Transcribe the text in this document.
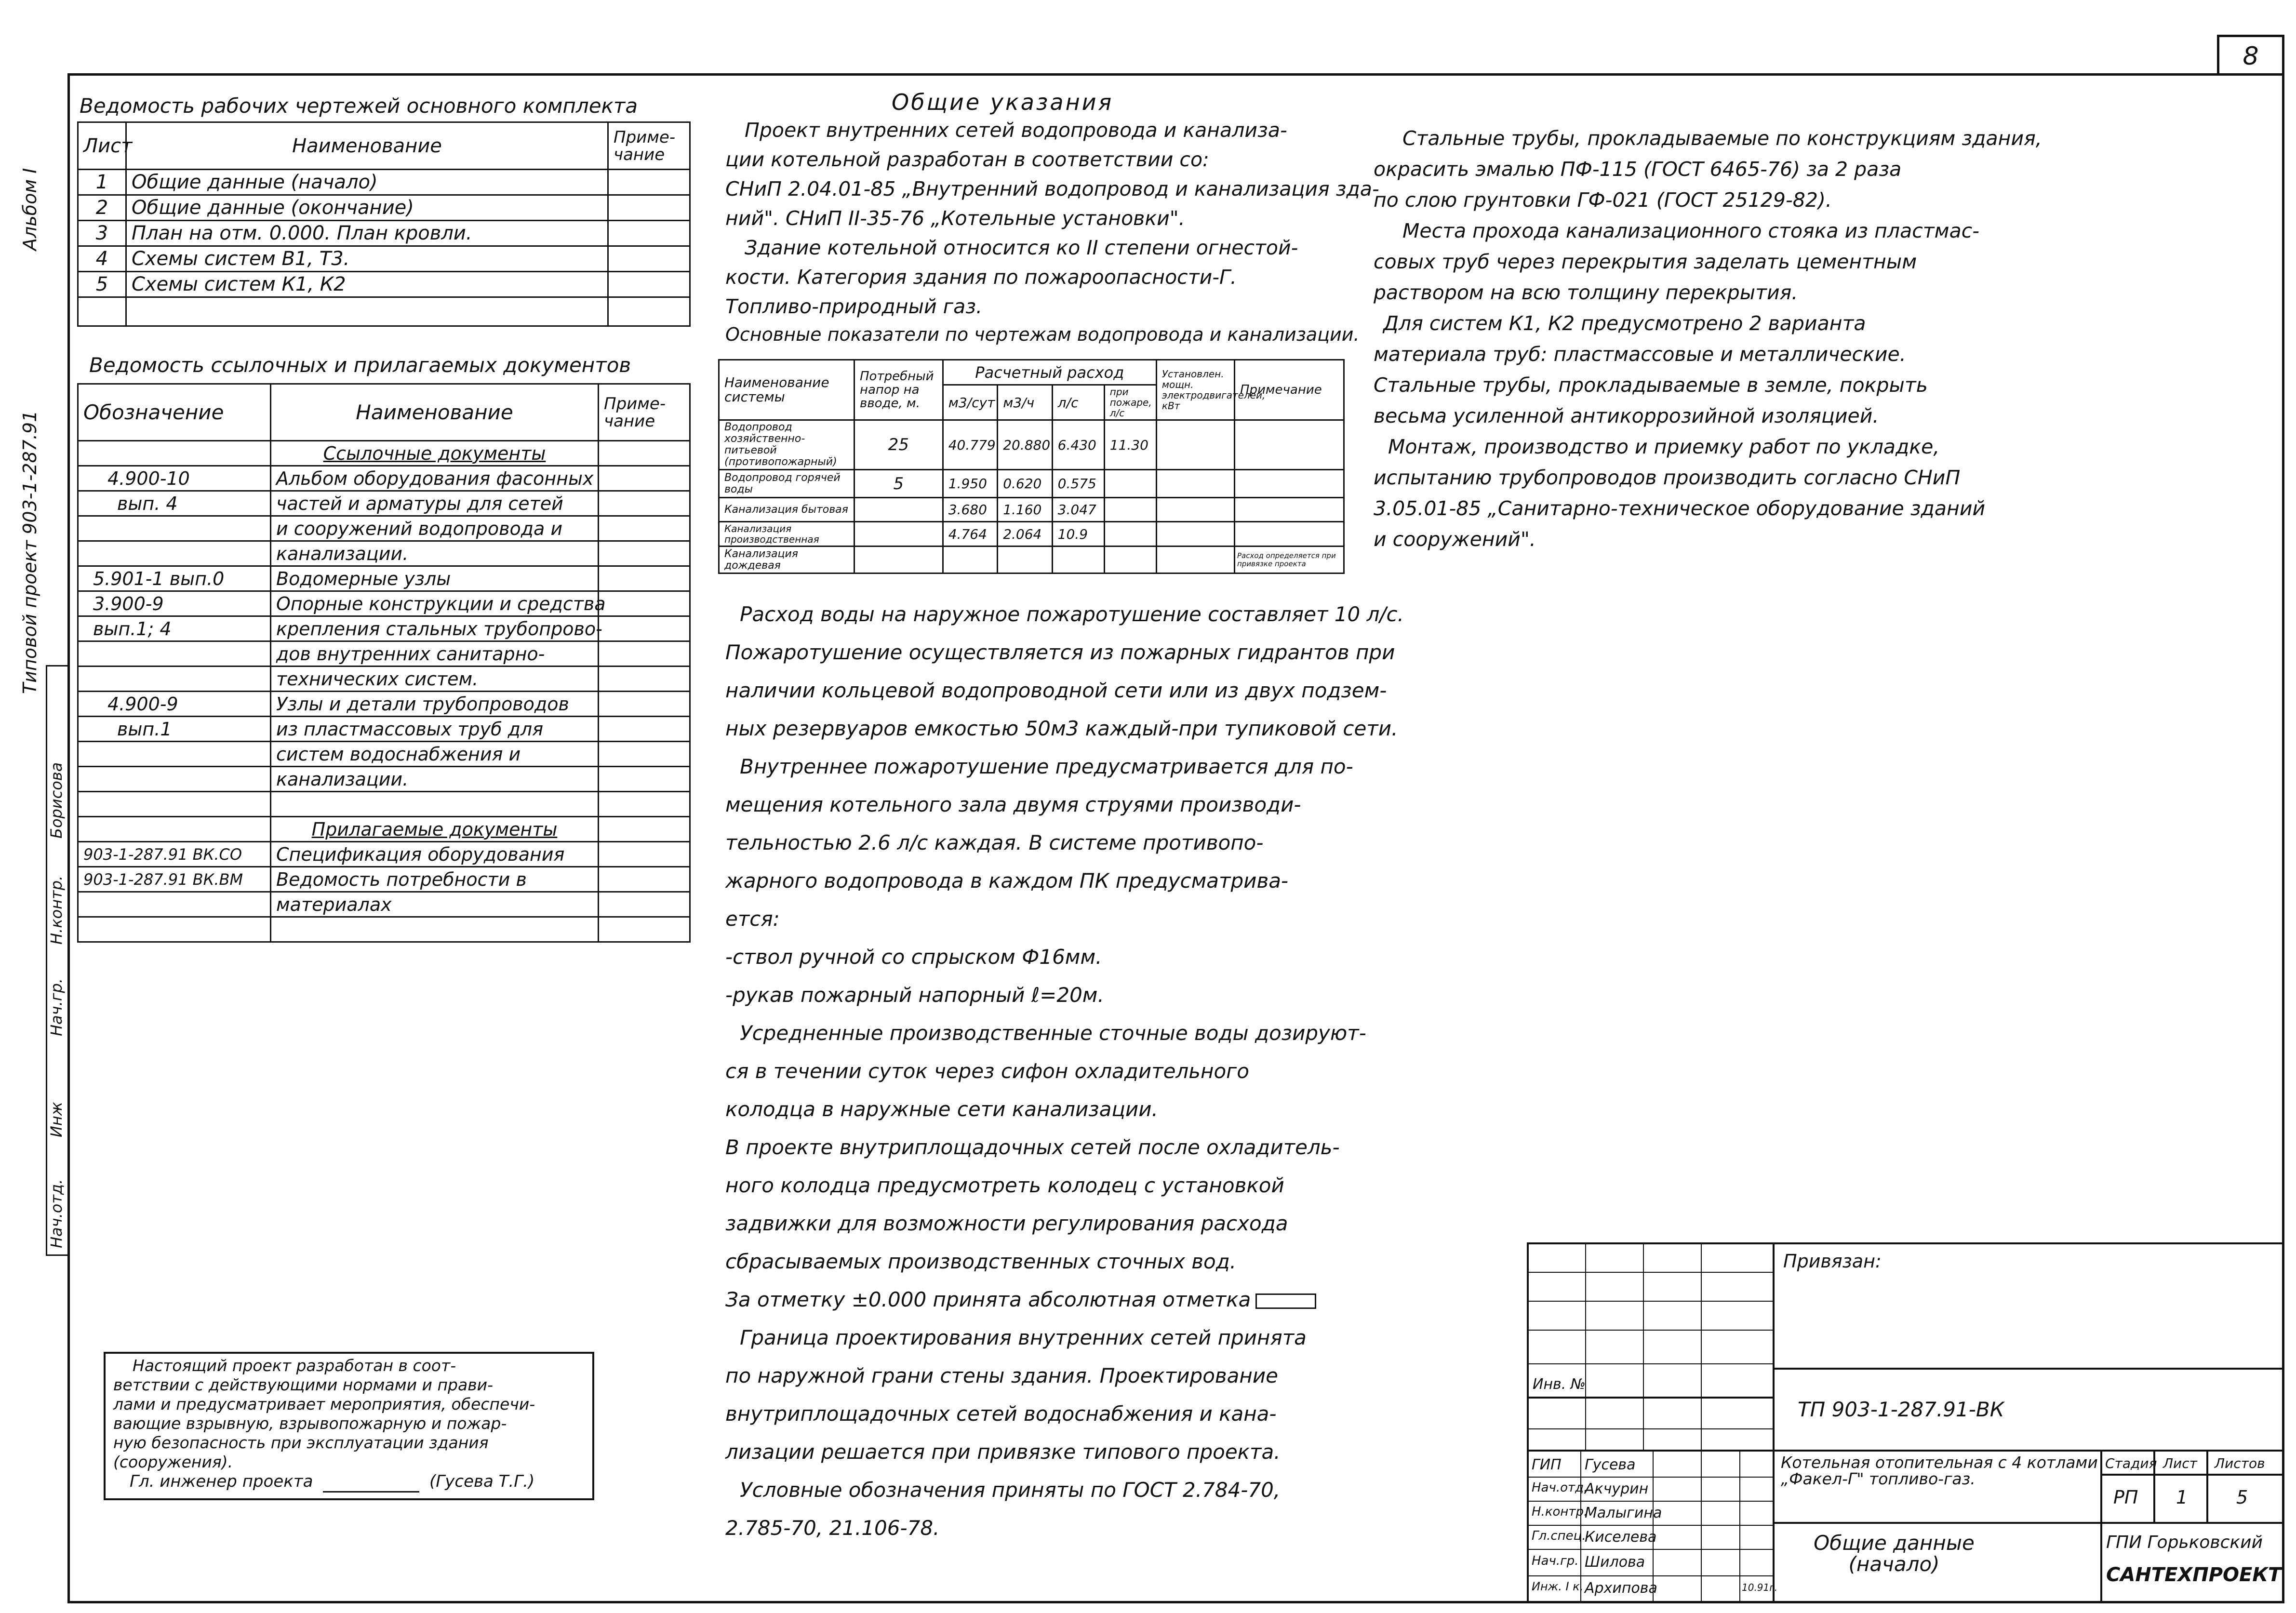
8
Альбом I
Типовой проект 903-1-287.91
Нач.отд.
Инж
Нач.гр.
Н.контр.
Борисова
Ведомость рабочих чертежей основного комплекта
Лист	Наименование	Приме- чание
1	Общие данные (начало)	
2	Общие данные (окончание)	
3	План на отм. 0.000. План кровли.	
4	Схемы систем В1, Т3.	
5	Схемы систем К1, К2	

Ведомость ссылочных и прилагаемых документов
Обозначение	Наименование	Приме- чание
	Ссылочные документы	
4.900-10	Альбом оборудования фасонных	
вып. 4	частей и арматуры для сетей	
	и сооружений водопровода и	
	канализации.	
5.901-1 вып.0	Водомерные узлы	
3.900-9	Опорные конструкции и средства	
вып.1; 4	крепления стальных трубопрово-	
	дов внутренних санитарно-	
	технических систем.	
4.900-9	Узлы и детали трубопроводов	
вып.1	из пластмассовых труб для	
	систем водоснабжения и	
	канализации.	

	Прилагаемые документы	
903-1-287.91 ВК.СО	Спецификация оборудования	
903-1-287.91 ВК.ВМ	Ведомость потребности в	
	материалах	

Общие указания
Проект внутренних сетей водопровода и канализа-
ции котельной разработан в соответствии со:
СНиП 2.04.01-85 „Внутренний водопровод и канализация зда-
ний". СНиП II-35-76 „Котельные установки".
Здание котельной относится ко II степени огнестой-
кости. Категория здания по пожароопасности-Г.
Топливо-природный газ.
Основные показатели по чертежам водопровода и канализации.
Наименование системы	Потребный напор на вводе, м.	Расчетный расход				Установлен. мощн. электродвигателей, кВт	Примечание
		м3/сут	м3/ч	л/с	при пожаре, л/с		
Водопровод хозяйственно-питьевой (противопожарный)	25	40.779	20.880	6.430	11.30		
Водопровод горячей воды	5	1.950	0.620	0.575			
Канализация бытовая		3.680	1.160	3.047			
Канализация производственная		4.764	2.064	10.9			
Канализация дождевая							Расход определяется при привязке проекта
Расход воды на наружное пожаротушение составляет 10 л/с.
Пожаротушение осуществляется из пожарных гидрантов при
наличии кольцевой водопроводной сети или из двух подзем-
ных резервуаров емкостью 50м3 каждый-при тупиковой сети.
Внутреннее пожаротушение предусматривается для по-
мещения котельного зала двумя струями производи-
тельностью 2.6 л/с каждая. В системе противопо-
жарного водопровода в каждом ПК предусматрива-
ется:
-ствол ручной со спрыском Ф16мм.
-рукав пожарный напорный ℓ=20м.
Усредненные производственные сточные воды дозируют-
ся в течении суток через сифон охладительного
колодца в наружные сети канализации.
В проекте внутриплощадочных сетей после охладитель-
ного колодца предусмотреть колодец с установкой
задвижки для возможности регулирования расхода
сбрасываемых производственных сточных вод.
За отметку ±0.000 принята абсолютная отметка
Граница проектирования внутренних сетей принята
по наружной грани стены здания. Проектирование
внутриплощадочных сетей водоснабжения и кана-
лизации решается при привязке типового проекта.
Условные обозначения приняты по ГОСТ 2.784-70,
2.785-70, 21.106-78.
Стальные трубы, прокладываемые по конструкциям здания,
окрасить эмалью ПФ-115 (ГОСТ 6465-76) за 2 раза
по слою грунтовки ГФ-021 (ГОСТ 25129-82).
Места прохода канализационного стояка из пластмас-
совых труб через перекрытия заделать цементным
раствором на всю толщину перекрытия.
Для систем К1, К2 предусмотрено 2 варианта
материала труб: пластмассовые и металлические.
Стальные трубы, прокладываемые в земле, покрыть
весьма усиленной антикоррозийной изоляцией.
Монтаж, производство и приемку работ по укладке,
испытанию трубопроводов производить согласно СНиП
3.05.01-85 „Санитарно-техническое оборудование зданий
и сооружений".
Настоящий проект разработан в соот-
ветствии с действующими нормами и прави-
лами и предусматривает мероприятия, обеспечи-
вающие взрывную, взрывопожарную и пожар-
ную безопасность при эксплуатации здания
(сооружения).
Гл. инженер проекта	(Гусева Т.Г.)
Привязан:
Инв. №
ТП 903-1-287.91-ВК
ГИП Гусева
Нач.отд.
Акчурин
Н.контр.
Малыгина
Гл.спец.
Киселева
Нач.гр. Шилова
Инж. I к. Архипова	10.91г.
Котельная отопительная с 4 котлами „Факел-Г" топливо-газ.
Общие данные (начало)
Стадия Лист Листов
РП 1	5
ГПИ Горьковский
САНТЕХПРОЕКТ
